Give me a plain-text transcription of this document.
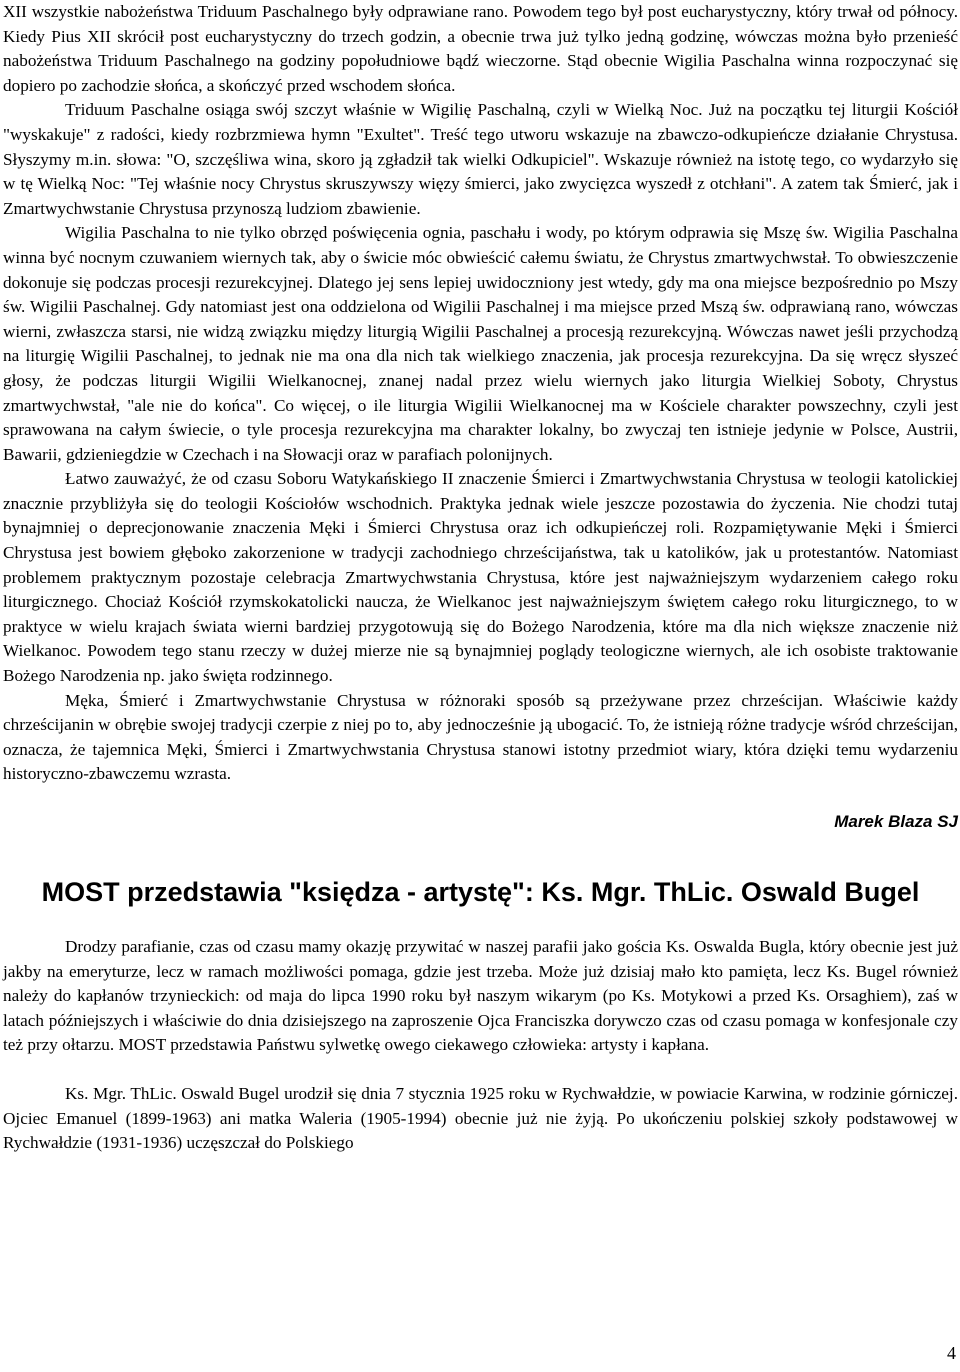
XII wszystkie nabożeństwa Triduum Paschalnego były odprawiane rano. Powodem tego był post eucharystyczny, który trwał od północy. Kiedy Pius XII skrócił post eucharystyczny do trzech godzin, a obecnie trwa już tylko jedną godzinę, wówczas można było przenieść nabożeństwa Triduum Paschalnego na godziny popołudniowe bądź wieczorne. Stąd obecnie Wigilia Paschalna winna rozpoczynać się dopiero po zachodzie słońca, a skończyć przed wschodem słońca.

Triduum Paschalne osiąga swój szczyt właśnie w Wigilię Paschalną, czyli w Wielką Noc. Już na początku tej liturgii Kościół "wyskakuje" z radości, kiedy rozbrzmiewa hymn "Exultet". Treść tego utworu wskazuje na zbawczo-odkupieńcze działanie Chrystusa. Słyszymy m.in. słowa: "O, szczęśliwa wina, skoro ją zgładził tak wielki Odkupiciel". Wskazuje również na istotę tego, co wydarzyło się w tę Wielką Noc: "Tej właśnie nocy Chrystus skruszywszy więzy śmierci, jako zwycięzca wyszedł z otchłani". A zatem tak Śmierć, jak i Zmartwychwstanie Chrystusa przynoszą ludziom zbawienie.

Wigilia Paschalna to nie tylko obrzęd poświęcenia ognia, paschału i wody, po którym odprawia się Mszę św. Wigilia Paschalna winna być nocnym czuwaniem wiernych tak, aby o świcie móc obwieścić całemu światu, że Chrystus zmartwychwstał. To obwieszczenie dokonuje się podczas procesji rezurekcyjnej. Dlatego jej sens lepiej uwidoczniony jest wtedy, gdy ma ona miejsce bezpośrednio po Mszy św. Wigilii Paschalnej. Gdy natomiast jest ona oddzielona od Wigilii Paschalnej i ma miejsce przed Mszą św. odprawianą rano, wówczas wierni, zwłaszcza starsi, nie widzą związku między liturgią Wigilii Paschalnej a procesją rezurekcyjną. Wówczas nawet jeśli przychodzą na liturgię Wigilii Paschalnej, to jednak nie ma ona dla nich tak wielkiego znaczenia, jak procesja rezurekcyjna. Da się wręcz słyszeć głosy, że podczas liturgii Wigilii Wielkanocnej, znanej nadal przez wielu wiernych jako liturgia Wielkiej Soboty, Chrystus zmartwychwstał, "ale nie do końca". Co więcej, o ile liturgia Wigilii Wielkanocnej ma w Kościele charakter powszechny, czyli jest sprawowana na całym świecie, o tyle procesja rezurekcyjna ma charakter lokalny, bo zwyczaj ten istnieje jedynie w Polsce, Austrii, Bawarii, gdzieniegdzie w Czechach i na Słowacji oraz w parafiach polonijnych.

Łatwo zauważyć, że od czasu Soboru Watykańskiego II znaczenie Śmierci i Zmartwychwstania Chrystusa w teologii katolickiej znacznie przybliżyła się do teologii Kościołów wschodnich. Praktyka jednak wiele jeszcze pozostawia do życzenia. Nie chodzi tutaj bynajmniej o deprecjonowanie znaczenia Męki i Śmierci Chrystusa oraz ich odkupieńczej roli. Rozpamiętywanie Męki i Śmierci Chrystusa jest bowiem głęboko zakorzenione w tradycji zachodniego chrześcijaństwa, tak u katolików, jak u protestantów. Natomiast problemem praktycznym pozostaje celebracja Zmartwychwstania Chrystusa, które jest najważniejszym wydarzeniem całego roku liturgicznego. Chociaż Kościół rzymskokatolicki naucza, że Wielkanoc jest najważniejszym świętem całego roku liturgicznego, to w praktyce w wielu krajach świata wierni bardziej przygotowują się do Bożego Narodzenia, które ma dla nich większe znaczenie niż Wielkanoc. Powodem tego stanu rzeczy w dużej mierze nie są bynajmniej poglądy teologiczne wiernych, ale ich osobiste traktowanie Bożego Narodzenia np. jako święta rodzinnego.

Męka, Śmierć i Zmartwychwstanie Chrystusa w różnoraki sposób są przeżywane przez chrześcijan. Właściwie każdy chrześcijanin w obrębie swojej tradycji czerpie z niej po to, aby jednocześnie ją ubogacić. To, że istnieją różne tradycje wśród chrześcijan, oznacza, że tajemnica Męki, Śmierci i Zmartwychwstania Chrystusa stanowi istotny przedmiot wiary, która dzięki temu wydarzeniu historyczno-zbawczemu wzrasta.

Marek Blaza SJ

MOST przedstawia "księdza - artystę": Ks. Mgr. ThLic. Oswald Bugel

Drodzy parafianie, czas od czasu mamy okazję przywitać w naszej parafii jako gościa Ks. Oswalda Bugla, który obecnie jest już jakby na emeryturze, lecz w ramach możliwości pomaga, gdzie jest trzeba. Może już dzisiaj mało kto pamięta, lecz Ks. Bugel również należy do kapłanów trzynieckich: od maja do lipca 1990 roku był naszym wikarym (po Ks. Motykowi a przed Ks. Orsaghiem), zaś w latach późniejszych i właściwie do dnia dzisiejszego na zaproszenie Ojca Franciszka dorywczo czas od czasu pomaga w konfesjonale czy też przy ołtarzu. MOST przedstawia Państwu sylwetkę owego ciekawego człowieka: artysty i kapłana.

Ks. Mgr. ThLic. Oswald Bugel urodził się dnia 7 stycznia 1925 roku w Rychwałdzie, w powiacie Karwina, w rodzinie górniczej. Ojciec Emanuel (1899-1963) ani matka Waleria (1905-1994) obecnie już nie żyją. Po ukończeniu polskiej szkoły podstawowej w Rychwałdzie (1931-1936) uczęszczał do Polskiego

4
